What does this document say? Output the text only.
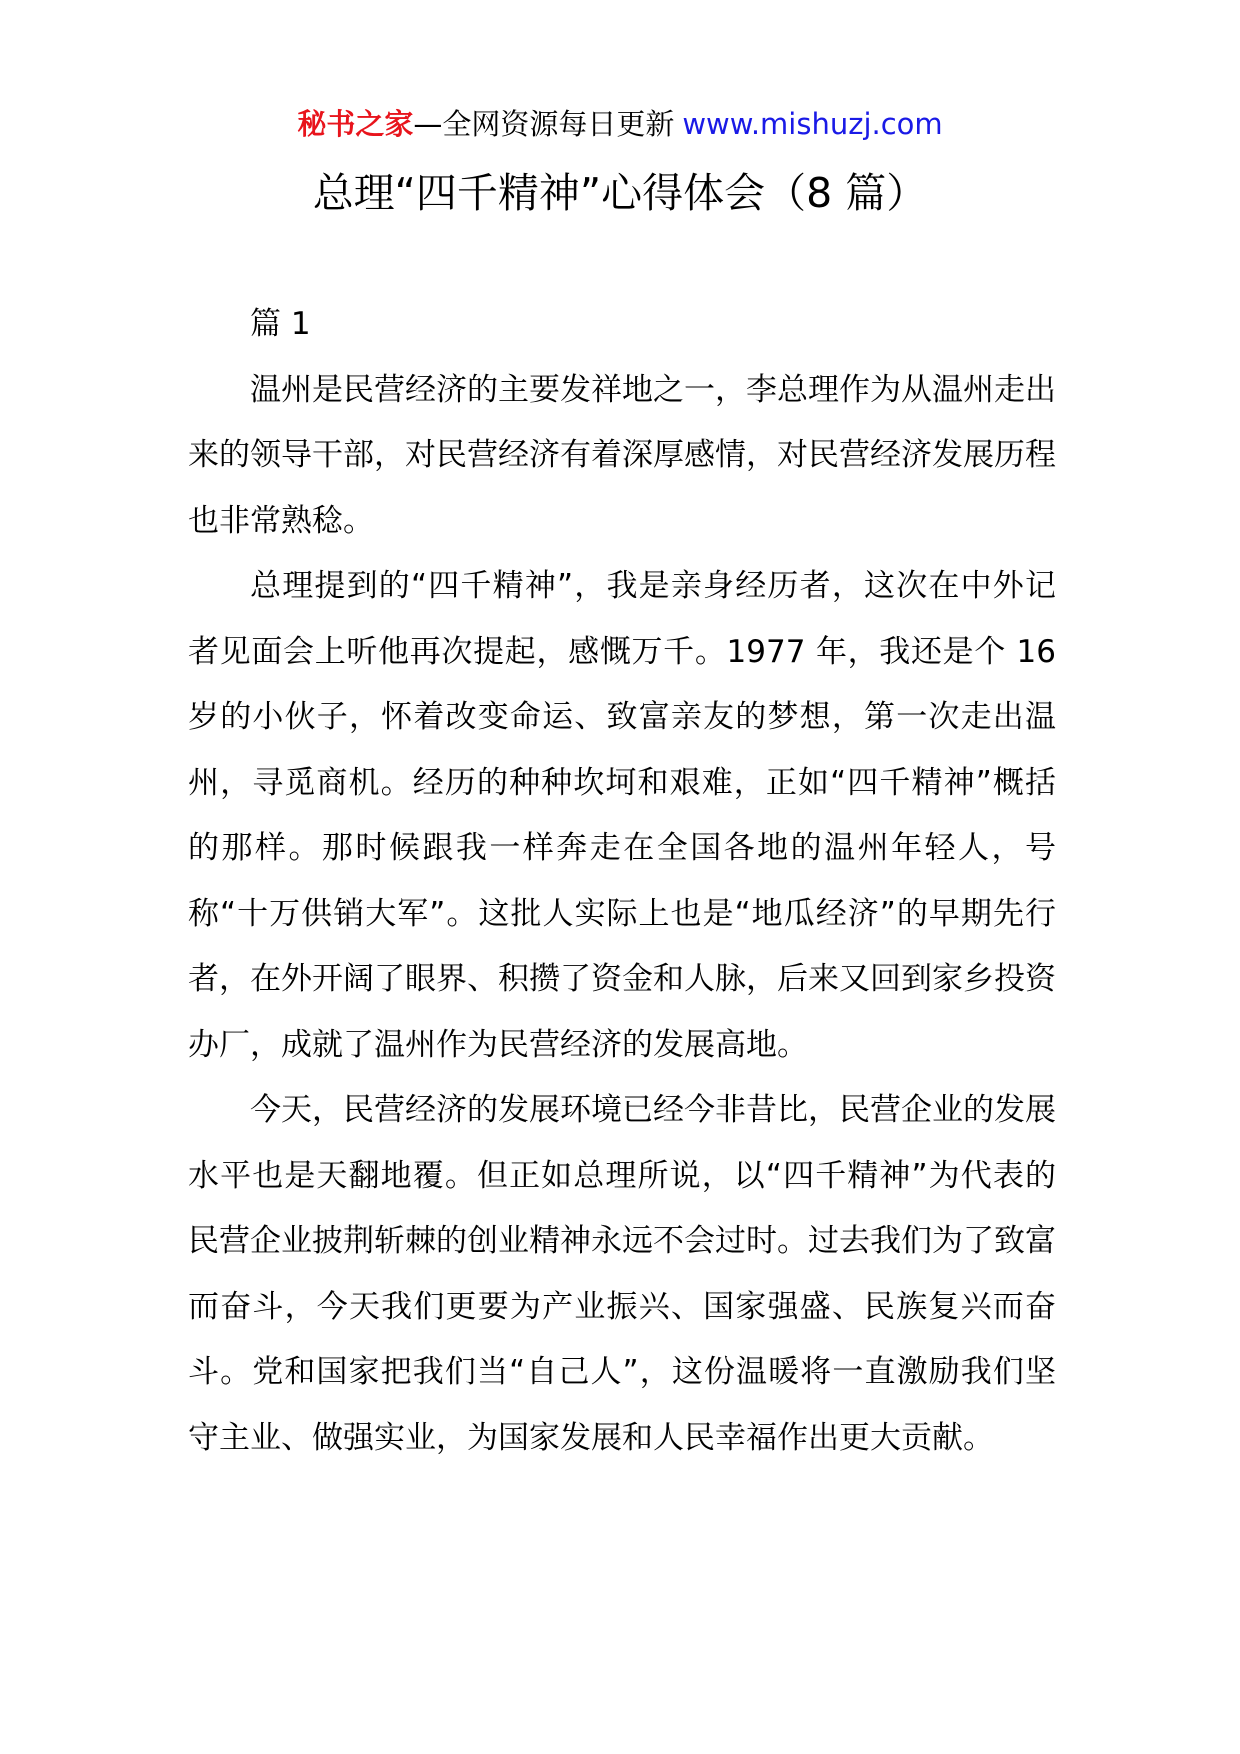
秘书之家—全网资源每日更新 www.mishuzj.com
总理“四千精神”心得体会（8 篇）

篇 1

温州是民营经济的主要发祥地之一，李总理作为从温州走出来的领导干部，对民营经济有着深厚感情，对民营经济发展历程也非常熟稔。

总理提到的“四千精神”，我是亲身经历者，这次在中外记者见面会上听他再次提起，感慨万千。1977 年，我还是个 16 岁的小伙子，怀着改变命运、致富亲友的梦想，第一次走出温州，寻觅商机。经历的种种坎坷和艰难，正如“四千精神”概括的那样。那时候跟我一样奔走在全国各地的温州年轻人，号称“十万供销大军”。这批人实际上也是“地瓜经济”的早期先行者，在外开阔了眼界、积攒了资金和人脉，后来又回到家乡投资办厂，成就了温州作为民营经济的发展高地。

今天，民营经济的发展环境已经今非昔比，民营企业的发展水平也是天翻地覆。但正如总理所说，以“四千精神”为代表的民营企业披荆斩棘的创业精神永远不会过时。过去我们为了致富而奋斗，今天我们更要为产业振兴、国家强盛、民族复兴而奋斗。党和国家把我们当“自己人”，这份温暖将一直激励我们坚守主业、做强实业，为国家发展和人民幸福作出更大贡献。
